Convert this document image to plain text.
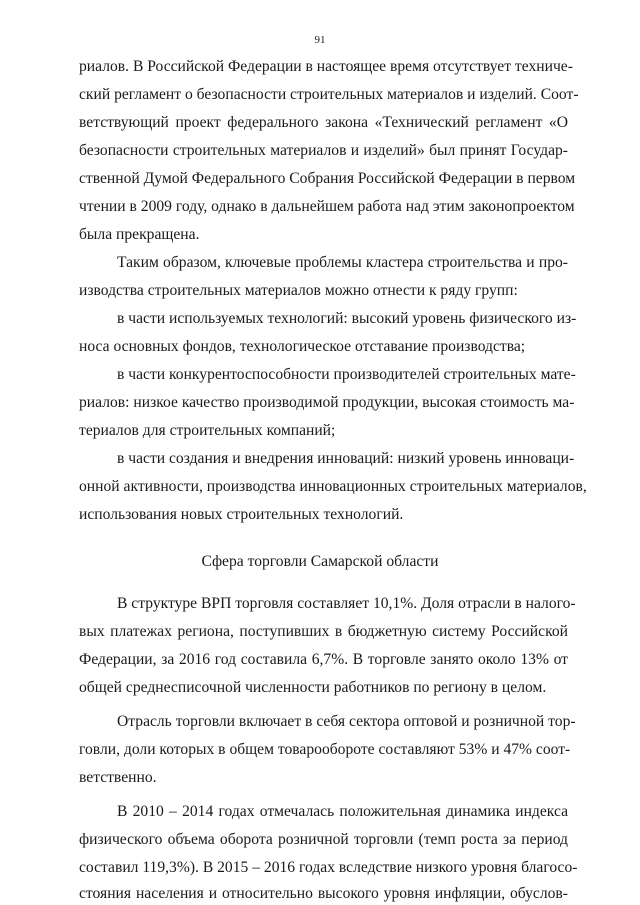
91
риалов. В Российской Федерации в настоящее время отсутствует техниче-
ский регламент о безопасности строительных материалов и изделий. Соот-
ветствующий проект федерального закона «Технический регламент «О
безопасности строительных материалов и изделий» был принят Государ-
ственной Думой Федерального Собрания Российской Федерации в первом
чтении в 2009 году, однако в дальнейшем работа над этим законопроектом
была прекращена.
Таким образом, ключевые проблемы кластера строительства и про-
изводства строительных материалов можно отнести к ряду групп:
в части используемых технологий: высокий уровень физического из-
носа основных фондов, технологическое отставание производства;
в части конкурентоспособности производителей строительных мате-
риалов: низкое качество производимой продукции, высокая стоимость ма-
териалов для строительных компаний;
в части создания и внедрения инноваций: низкий уровень инноваци-
онной активности, производства инновационных строительных материалов,
использования новых строительных технологий.
Сфера торговли Самарской области
В структуре ВРП торговля составляет 10,1%. Доля отрасли в налого-
вых платежах региона, поступивших в бюджетную систему Российской
Федерации, за 2016 год составила 6,7%. В торговле занято около 13% от
общей среднесписочной численности работников по региону в целом.
Отрасль торговли включает в себя сектора оптовой и розничной тор-
говли, доли которых в общем товарообороте составляют 53% и 47% соот-
ветственно.
В 2010 – 2014 годах отмечалась положительная динамика индекса
физического объема оборота розничной торговли (темп роста за период
составил 119,3%). В 2015 – 2016 годах вследствие низкого уровня благосо-
стояния населения и относительно высокого уровня инфляции, обуслов-
